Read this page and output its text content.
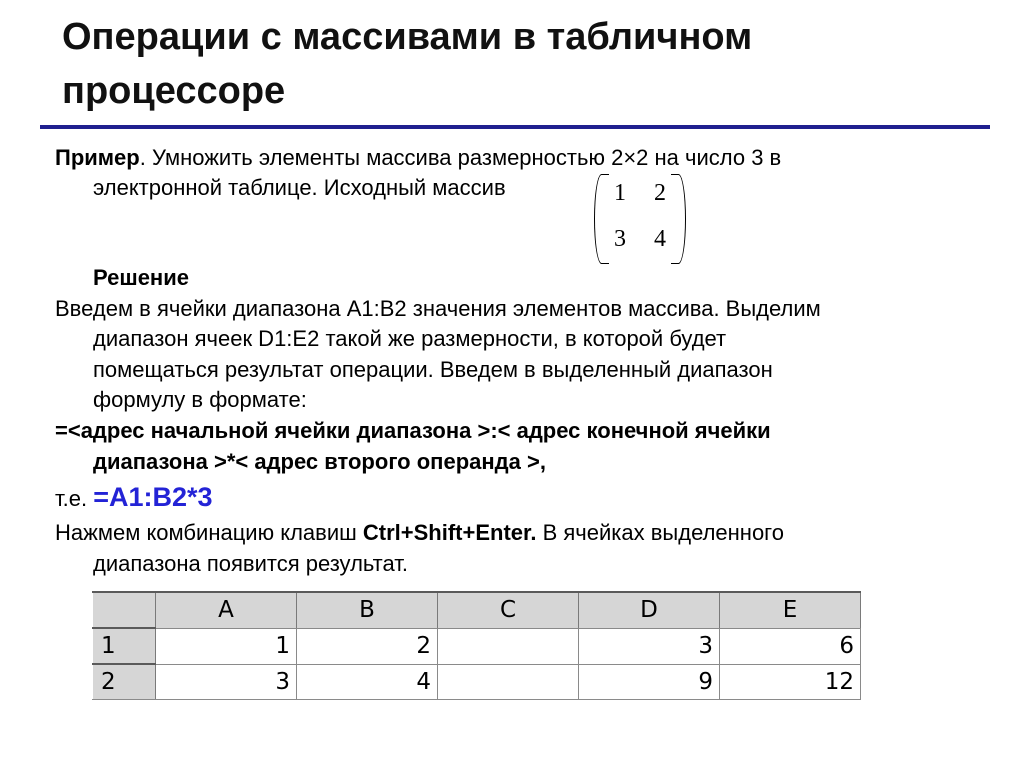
Операции с массивами в табличном процессоре
Пример. Умножить элементы массива размерностью 2×2 на число 3 в
электронной таблице. Исходный массив	1 2
3 4
Решение
Введем в ячейки диапазона А1:В2 значения элементов массива. Выделим
диапазон ячеек D1:Е2 такой же размерности, в которой будет
помещаться результат операции. Введем в выделенный диапазон
формулу в формате:
=<адрес начальной ячейки диапазона >:< адрес конечной ячейки
диапазона >*< адрес второго операнда >,
т.е. =A1:B2*3
Нажмем комбинацию клавиш Ctrl+Shift+Enter. В ячейках выделенного
диапазона появится результат.
	A	B	C	D	E
1	1	2		3	6
2	3	4		9	12
